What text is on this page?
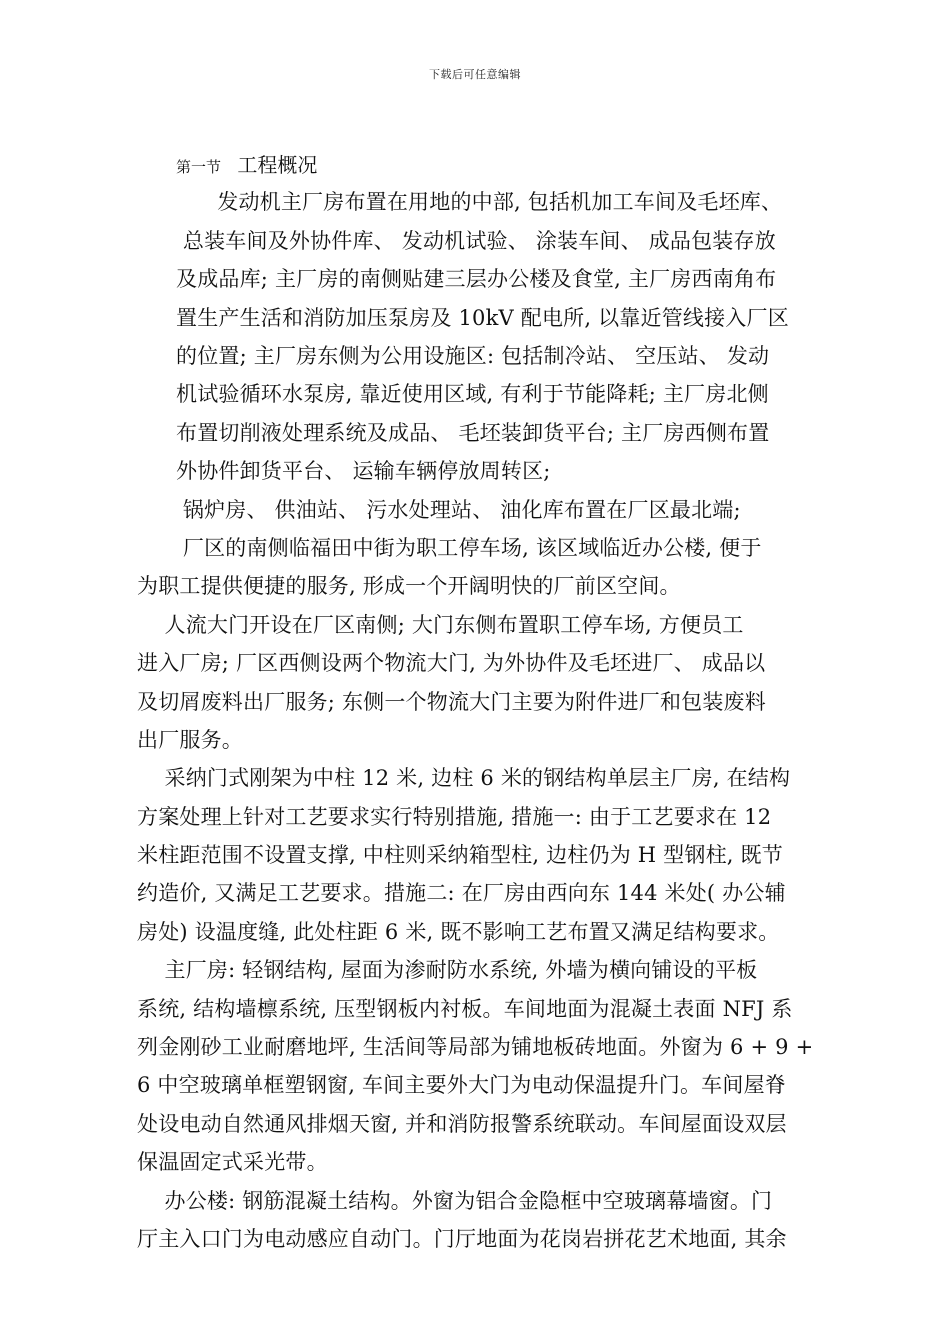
下载后可任意编辑
第一节 工程概况
发动机主厂房布置在用地的中部, 包括机加工车间及毛坯库、
总装车间及外协件库、 发动机试验、 涂装车间、 成品包装存放
及成品库; 主厂房的南侧贴建三层办公楼及食堂, 主厂房西南角布
置生产生活和消防加压泵房及 10kV 配电所, 以靠近管线接入厂区
的位置; 主厂房东侧为公用设施区: 包括制冷站、 空压站、 发动
机试验循环水泵房, 靠近使用区域, 有利于节能降耗; 主厂房北侧
布置切削液处理系统及成品、 毛坯装卸货平台; 主厂房西侧布置
外协件卸货平台、 运输车辆停放周转区;
锅炉房、 供油站、 污水处理站、 油化库布置在厂区最北端;
厂区的南侧临福田中街为职工停车场, 该区域临近办公楼, 便于
为职工提供便捷的服务, 形成一个开阔明快的厂前区空间。
人流大门开设在厂区南侧; 大门东侧布置职工停车场, 方便员工
进入厂房; 厂区西侧设两个物流大门, 为外协件及毛坯进厂、 成品以
及切屑废料出厂服务; 东侧一个物流大门主要为附件进厂和包装废料
出厂服务。
采纳门式刚架为中柱 12 米, 边柱 6 米的钢结构单层主厂房, 在结构
方案处理上针对工艺要求实行特别措施, 措施一: 由于工艺要求在 12
米柱距范围不设置支撑, 中柱则采纳箱型柱, 边柱仍为 H 型钢柱, 既节
约造价, 又满足工艺要求。措施二: 在厂房由西向东 144 米处( 办公辅
房处) 设温度缝, 此处柱距 6 米, 既不影响工艺布置又满足结构要求。
主厂房: 轻钢结构, 屋面为渗耐防水系统, 外墙为横向铺设的平板
系统, 结构墙檩系统, 压型钢板内衬板。车间地面为混凝土表面 NFJ 系
列金刚砂工业耐磨地坪, 生活间等局部为铺地板砖地面。外窗为 6 + 9 +
6 中空玻璃单框塑钢窗, 车间主要外大门为电动保温提升门。车间屋脊
处设电动自然通风排烟天窗, 并和消防报警系统联动。车间屋面设双层
保温固定式采光带。
办公楼: 钢筋混凝土结构。外窗为铝合金隐框中空玻璃幕墙窗。门
厅主入口门为电动感应自动门。门厅地面为花岗岩拼花艺术地面, 其余
